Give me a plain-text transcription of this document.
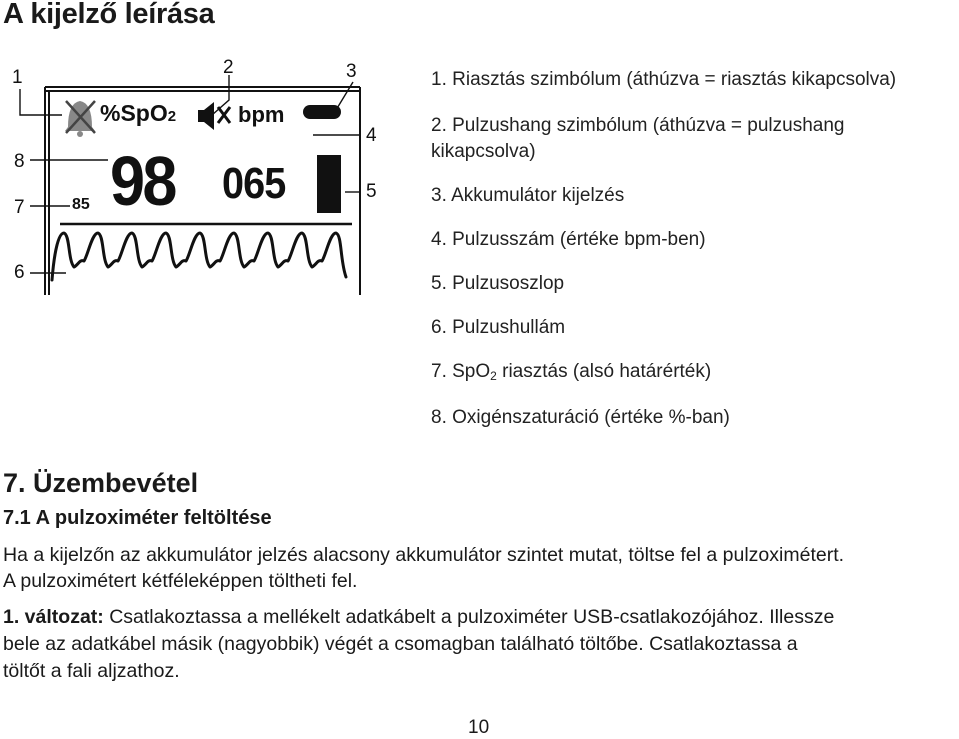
A kijelző leírása
1	2	3
4
5
6
7
8
%SpO2	bpm
98 065
85
1. Riasztás szimbólum (áthúzva = riasztás kikapcsolva)
2. Pulzushang szimbólum (áthúzva = pulzushang
kikapcsolva)
3. Akkumulátor kijelzés
4. Pulzusszám (értéke bpm-ben)
5. Pulzusoszlop
6. Pulzushullám
7. SpO$_2$ riasztás (alsó határérték)
8. Oxigénszaturáció (értéke %-ban)
7. Üzembevétel
7.1 A pulzoximéter feltöltése
Ha a kijelzőn az akkumulátor jelzés alacsony akkumulátor szintet mutat, töltse fel a pulzoximétert.
A pulzoximétert kétféleképpen töltheti fel.
1. változat: Csatlakoztassa a mellékelt adatkábelt a pulzoximéter USB-csatlakozójához. Illessze
bele az adatkábel másik (nagyobbik) végét a csomagban található töltőbe. Csatlakoztassa a
töltőt a fali aljzathoz.
10
